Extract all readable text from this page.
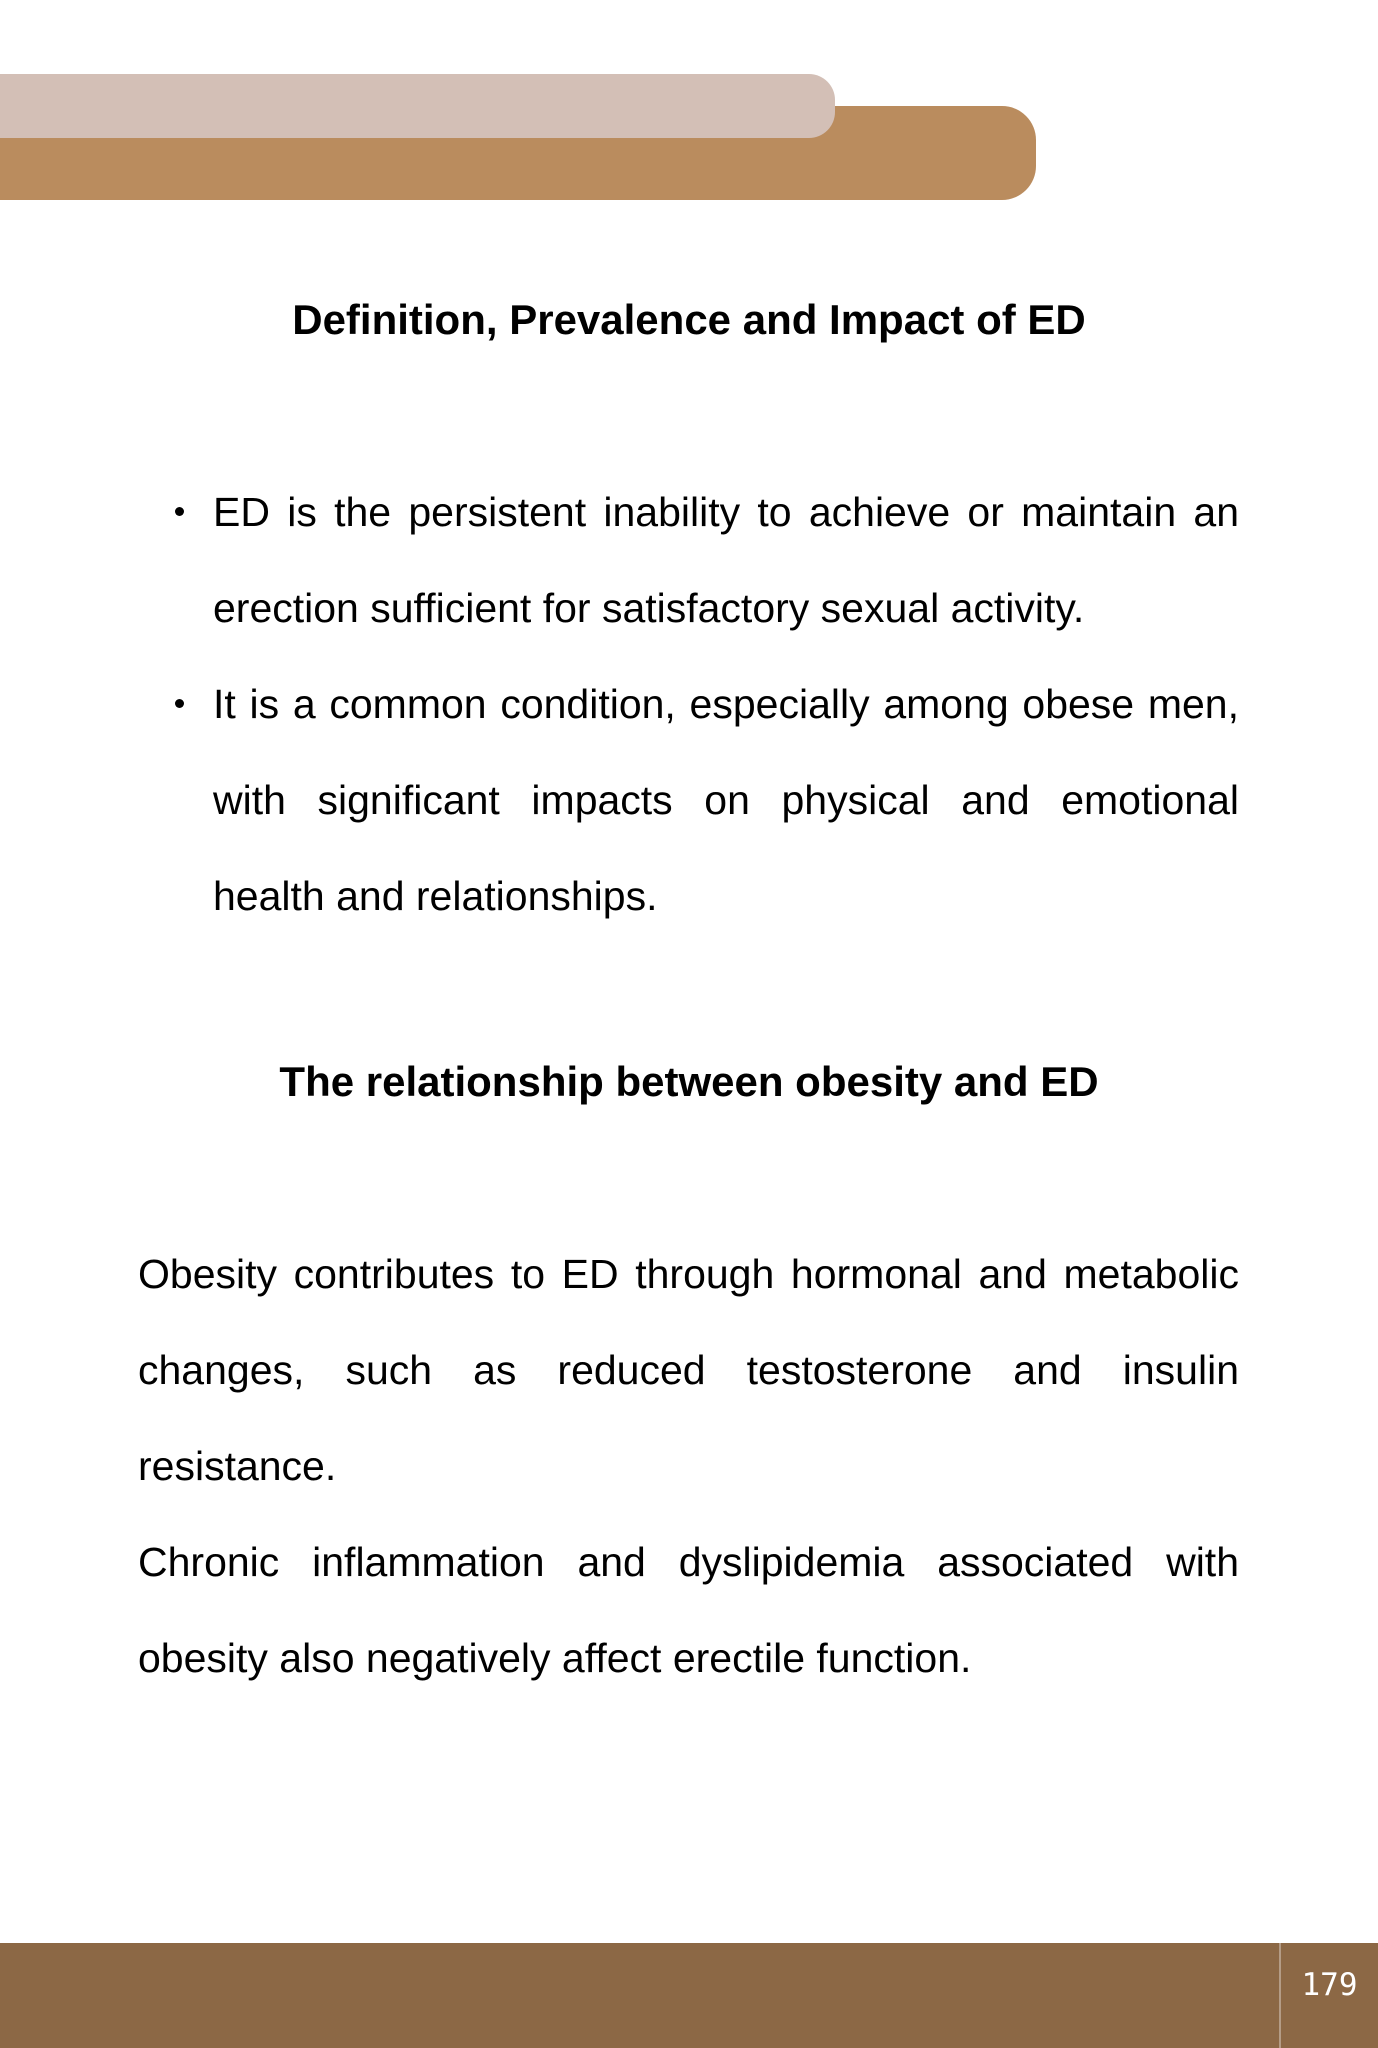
Definition, Prevalence and Impact of ED
ED is the persistent inability to achieve or maintain an erection sufficient for satisfactory sexual activity.
It is a common condition, especially among obese men, with significant impacts on physical and emotional health and relationships.
The relationship between obesity and ED

Obesity contributes to ED through hormonal and metabolic changes, such as reduced testosterone and insulin resistance.

Chronic inflammation and dyslipidemia associated with obesity also negatively affect erectile function.

179
